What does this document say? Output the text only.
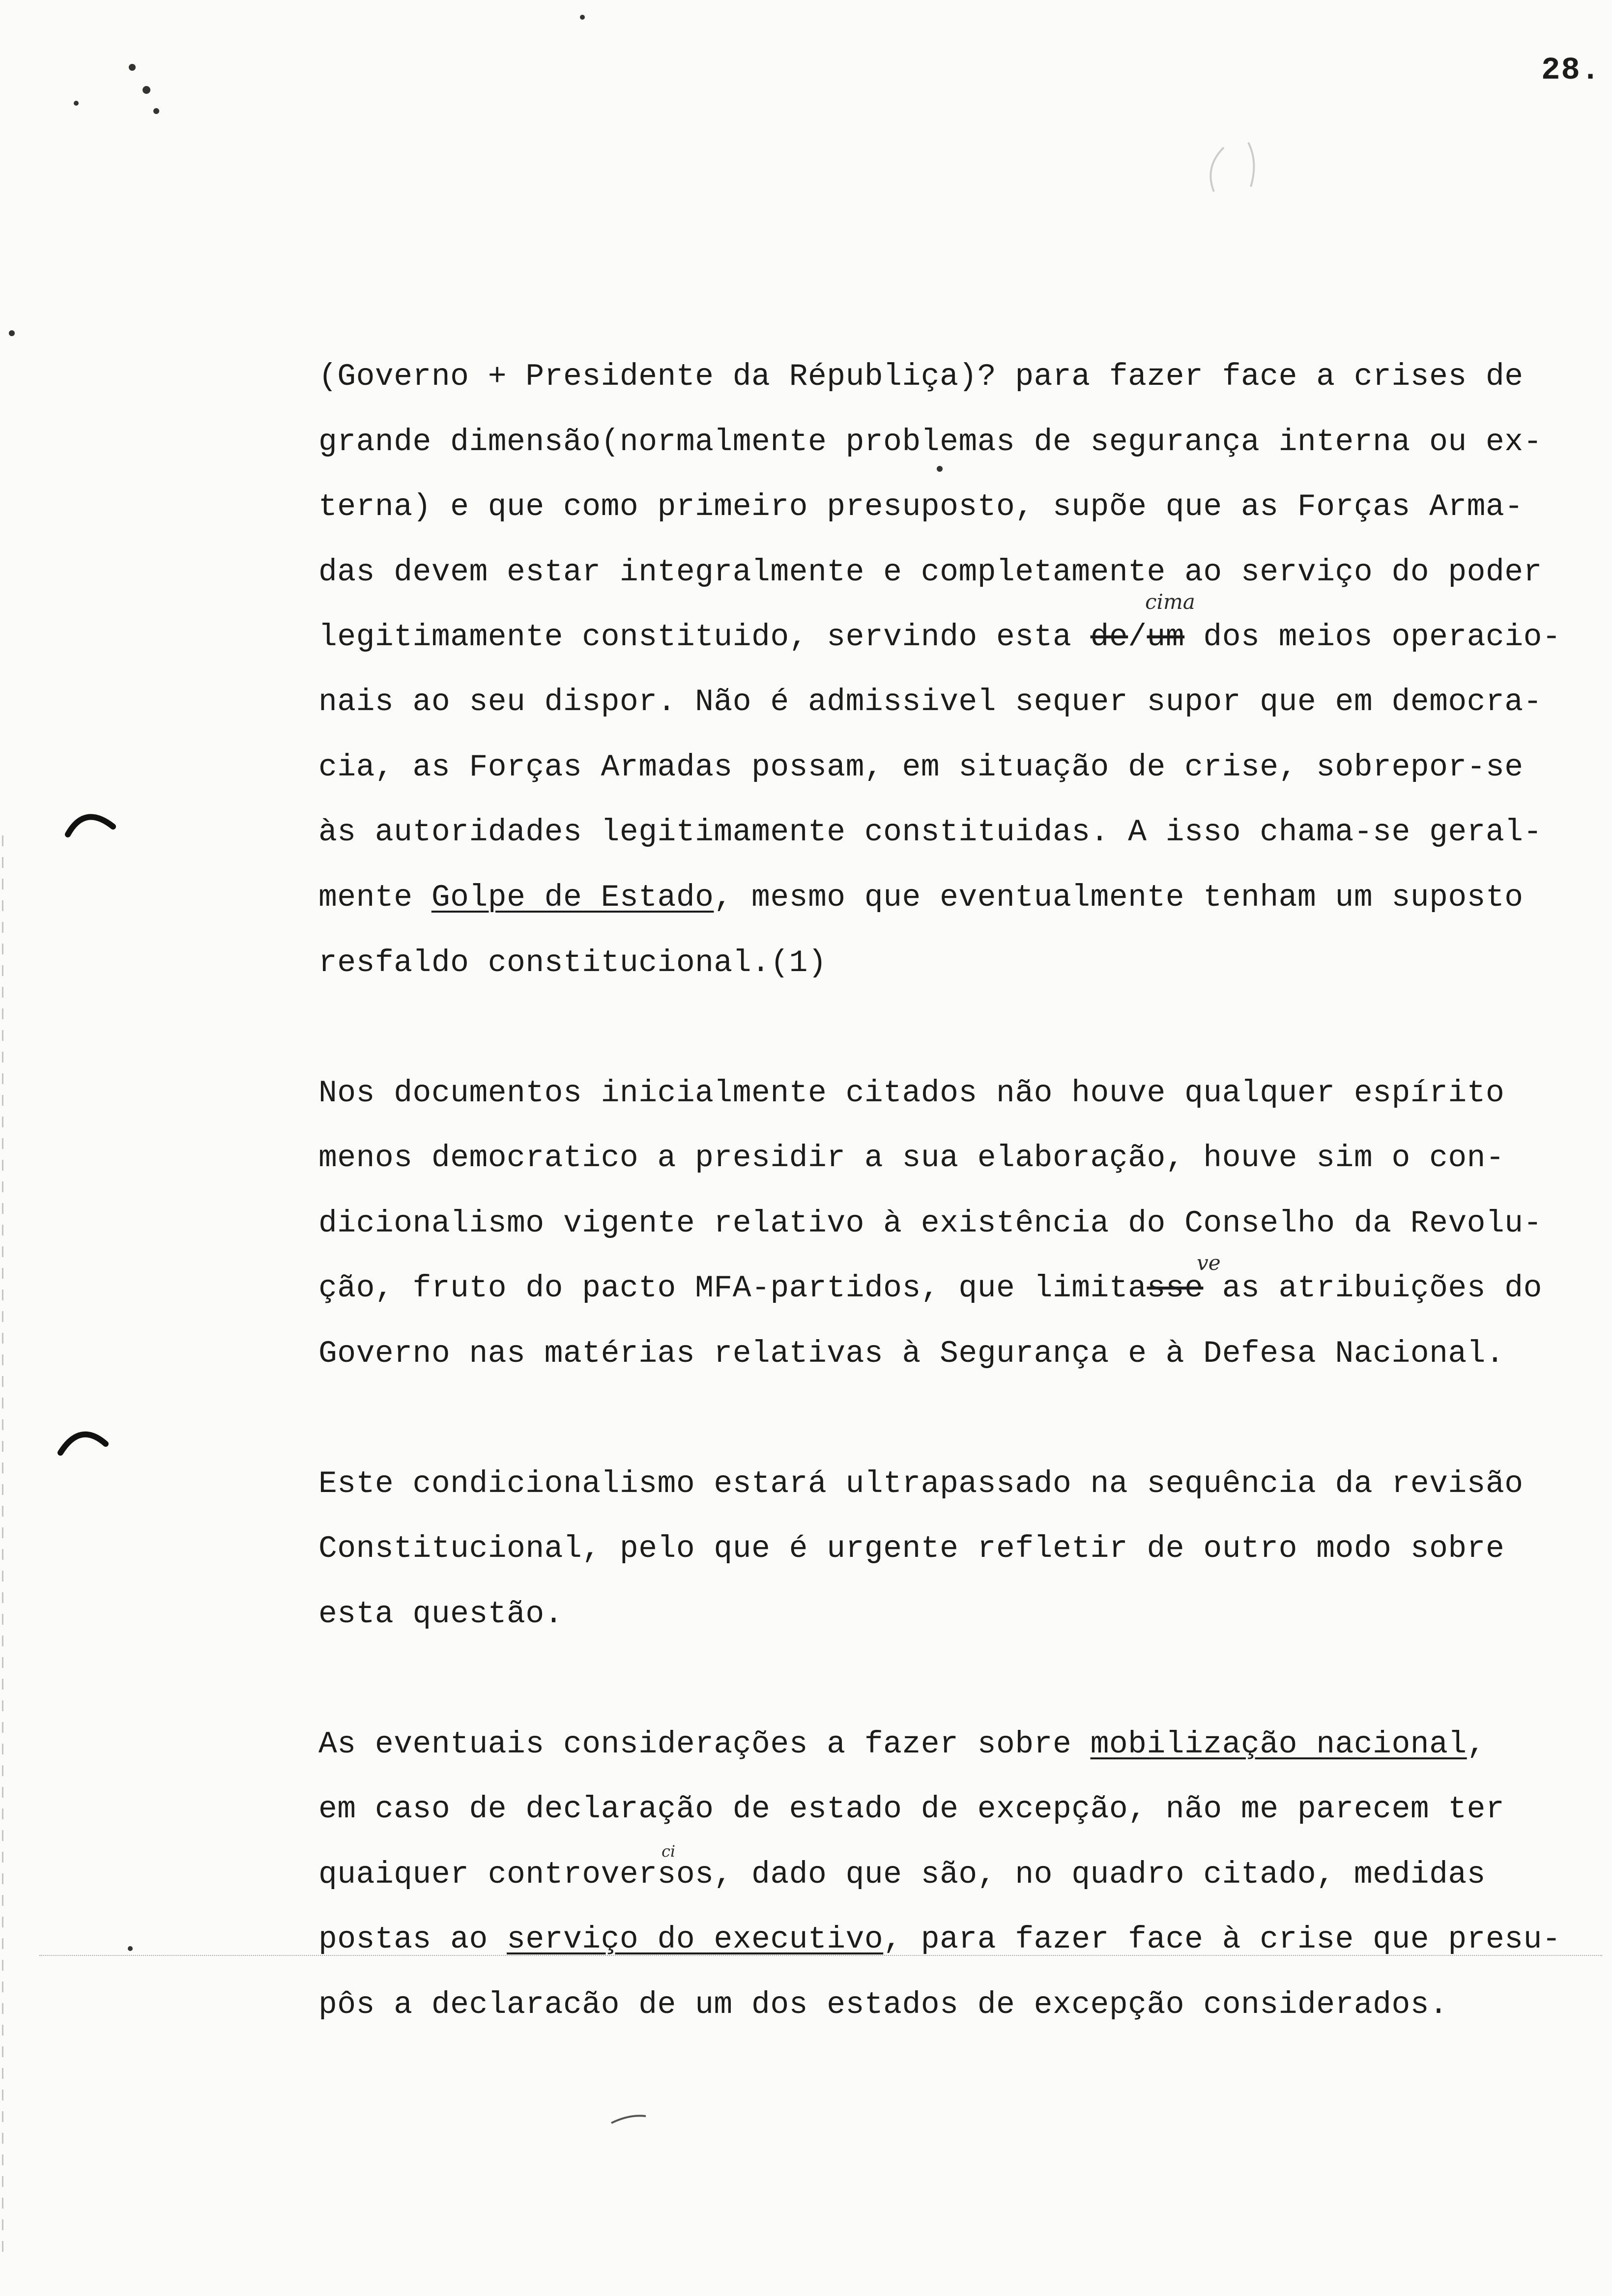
28.
(Governo + Presidente da Républiça)? para fazer face a crises de
grande dimensão(normalmente problemas de segurança interna ou ex-
terna) e que como primeiro presuposto, supõe que as Forças Arma-
das devem estar integralmente e completamente ao serviço do poder
legitimamente constituido, servindo esta de/um dos meios operacio-
cima
nais ao seu dispor. Não é admissivel sequer supor que em democra-
cia, as Forças Armadas possam, em situação de crise, sobrepor-se
às autoridades legitimamente constituidas. A isso chama-se geral-
mente Golpe de Estado, mesmo que eventualmente tenham um suposto
resfaldo constitucional.(1)
Nos documentos inicialmente citados não houve qualquer espírito
menos democratico a presidir a sua elaboração, houve sim o con-
dicionalismo vigente relativo à existência do Conselho da Revolu-
ção, fruto do pacto MFA-partidos, que limitasse as atribuições do
ve
Governo nas matérias relativas à Segurança e à Defesa Nacional.
Este condicionalismo estará ultrapassado na sequência da revisão
Constitucional, pelo que é urgente refletir de outro modo sobre
esta questão.
As eventuais considerações a fazer sobre mobilização nacional,
em caso de declaração de estado de excepção, não me parecem ter
quaiquer controversos, dado que são, no quadro citado, medidas
ci
postas ao serviço do executivo, para fazer face à crise que presu-
pôs a declaracão de um dos estados de excepção considerados.
